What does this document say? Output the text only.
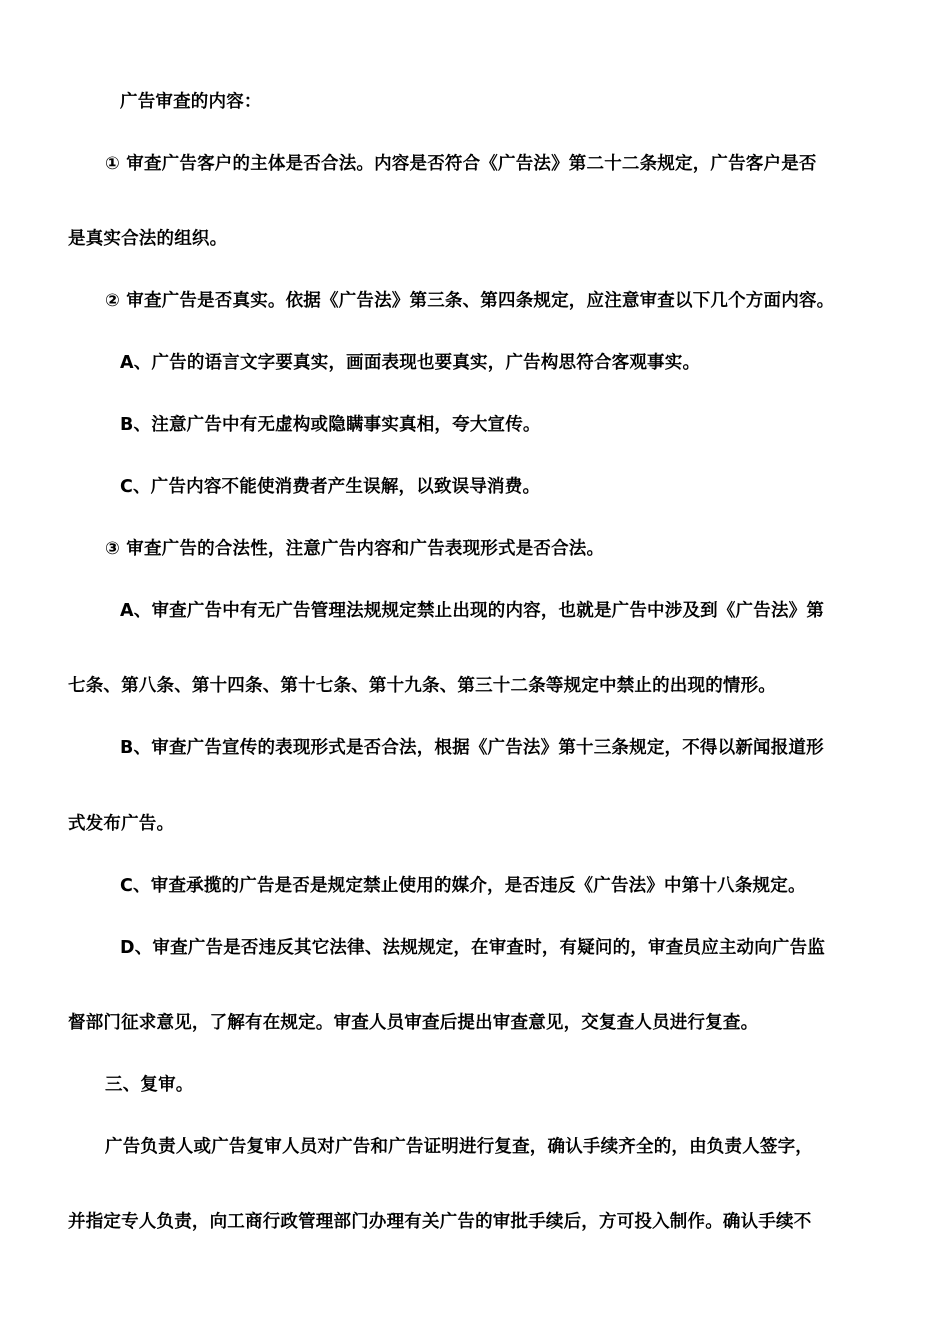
广告审查的内容：
① 审查广告客户的主体是否合法。内容是否符合《广告法》第二十二条规定，广告客户是否
是真实合法的组织。
② 审查广告是否真实。依据《广告法》第三条、第四条规定，应注意审查以下几个方面内容。
A、广告的语言文字要真实，画面表现也要真实，广告构思符合客观事实。
B、注意广告中有无虚构或隐瞒事实真相，夸大宣传。
C、广告内容不能使消费者产生误解，以致误导消费。
③ 审查广告的合法性，注意广告内容和广告表现形式是否合法。
A、审查广告中有无广告管理法规规定禁止出现的内容，也就是广告中涉及到《广告法》第
七条、第八条、第十四条、第十七条、第十九条、第三十二条等规定中禁止的出现的情形。
B、审查广告宣传的表现形式是否合法，根据《广告法》第十三条规定，不得以新闻报道形
式发布广告。
C、审查承揽的广告是否是规定禁止使用的媒介，是否违反《广告法》中第十八条规定。
D、审查广告是否违反其它法律、法规规定，在审查时，有疑问的，审查员应主动向广告监
督部门征求意见，了解有在规定。审查人员审查后提出审查意见，交复查人员进行复查。
三、复审。
广告负责人或广告复审人员对广告和广告证明进行复查，确认手续齐全的，由负责人签字，
并指定专人负责，向工商行政管理部门办理有关广告的审批手续后，方可投入制作。确认手续不
